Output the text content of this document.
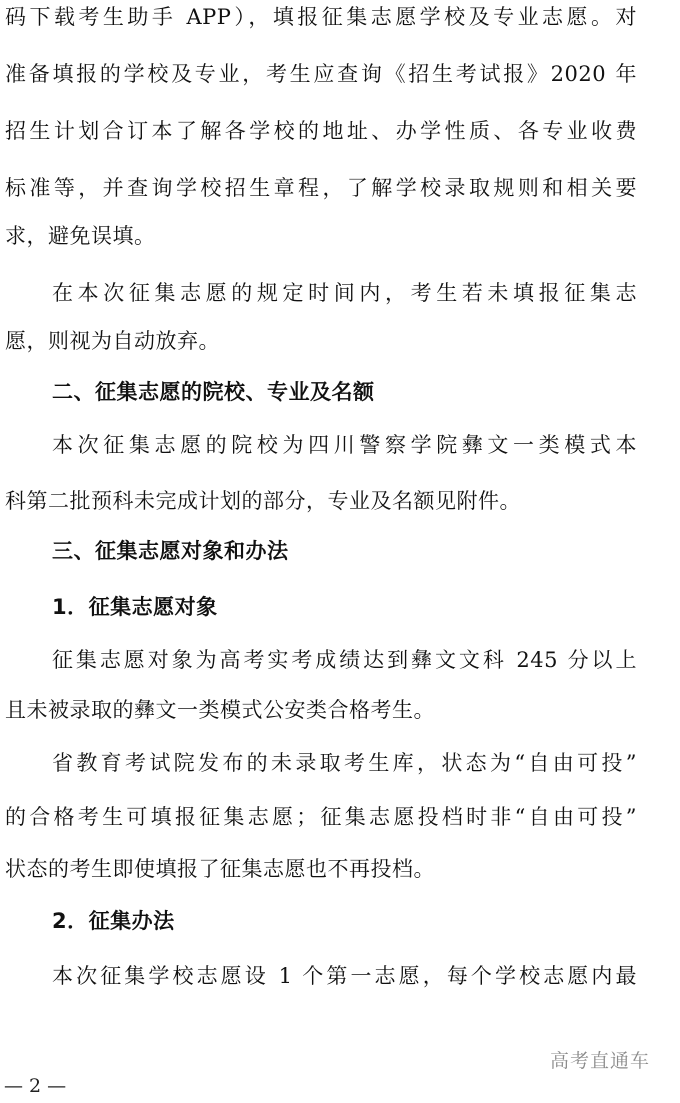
码下载考生助手 APP），填报征集志愿学校及专业志愿。对
准备填报的学校及专业，考生应查询《招生考试报》2020 年
招生计划合订本了解各学校的地址、办学性质、各专业收费
标准等，并查询学校招生章程，了解学校录取规则和相关要
求，避免误填。
在本次征集志愿的规定时间内，考生若未填报征集志
愿，则视为自动放弃。
二、征集志愿的院校、专业及名额
本次征集志愿的院校为四川警察学院彝文一类模式本
科第二批预科未完成计划的部分，专业及名额见附件。
三、征集志愿对象和办法
1．征集志愿对象
征集志愿对象为高考实考成绩达到彝文文科 245 分以上
且未被录取的彝文一类模式公安类合格考生。
省教育考试院发布的未录取考生库，状态为“自由可投”
的合格考生可填报征集志愿；征集志愿投档时非“自由可投”
状态的考生即使填报了征集志愿也不再投档。
2．征集办法
本次征集学校志愿设 1 个第一志愿，每个学校志愿内最
高考直通车
— 2 —
